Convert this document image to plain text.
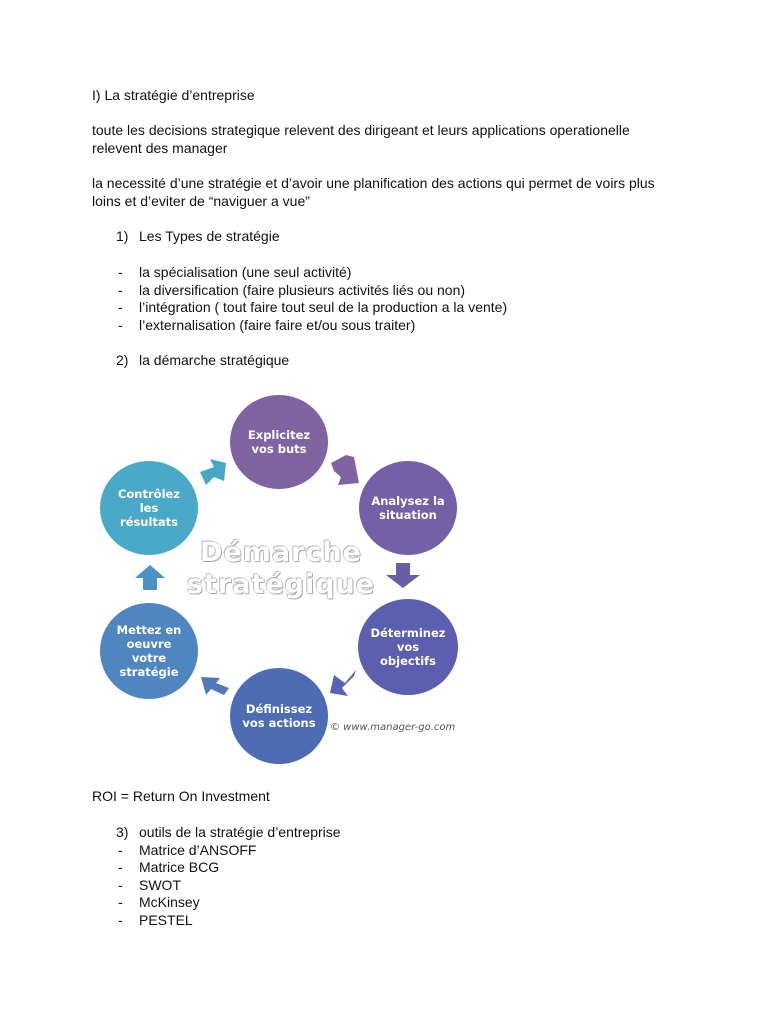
I) La stratégie d’entreprise

toute les decisions strategique relevent des dirigeant et leurs applications operationelle

relevent des manager

la necessité d’une stratégie et d’avoir une planification des actions qui permet de voirs plus

loins et d’eviter de “naviguer a vue”

1) Les Types de stratégie
- la spécialisation (une seul activité)
- la diversification (faire plusieurs activités liés ou non)
- l’intégration ( tout faire tout seul de la production a la vente)
- l’externalisation (faire faire et/ou sous traiter)
2) la démarche stratégique
Démarche
stratégique
Explicitez vos buts
Analysez la situation
Déterminez vos objectifs
Définissez vos actions
Mettez en oeuvre votre stratégie
Contrôlez les résultats
© www.manager-go.com

ROI = Return On Investment

3) outils de la stratégie d’entreprise
- Matrice d’ANSOFF
- Matrice BCG
- SWOT
- McKinsey
- PESTEL
